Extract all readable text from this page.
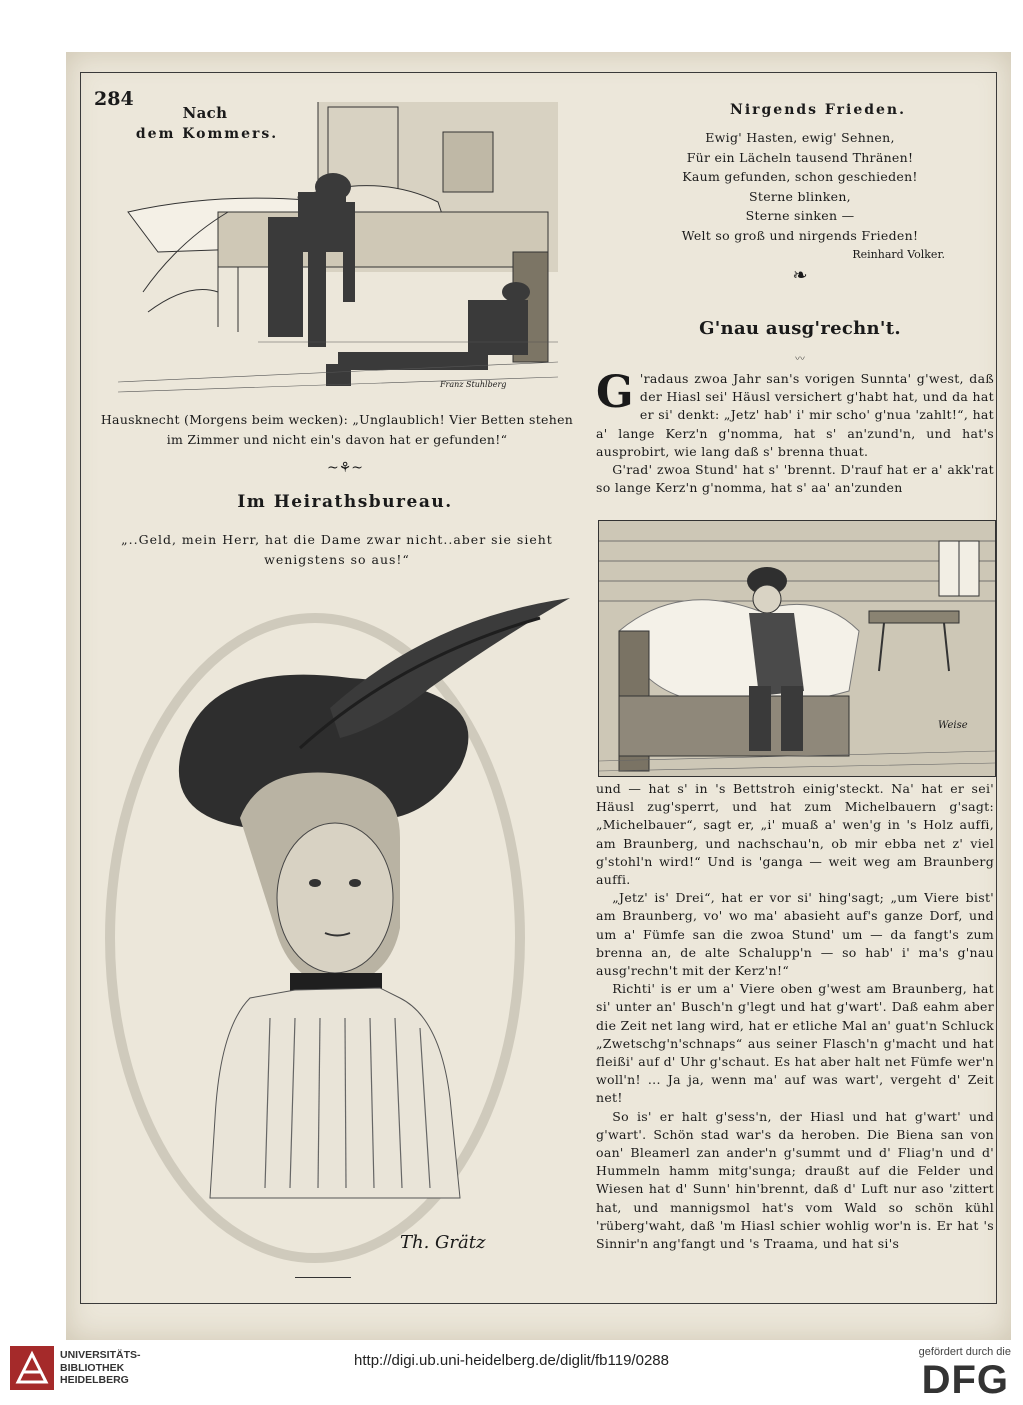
284
Nach
dem Kommers.
Franz Stuhlberg
Hausknecht (Morgens beim wecken): „Unglaublich! Vier Betten stehen im Zimmer und nicht ein's davon hat er gefunden!“
~⚘~
Im Heirathsbureau.
„..Geld, mein Herr, hat die Dame zwar nicht..aber sie sieht wenigstens so aus!“
Th. Grätz
Nirgends Frieden.
Ewig' Hasten, ewig' Sehnen,
Für ein Lächeln tausend Thränen!
Kaum gefunden, schon geschieden!
Sterne blinken,
Sterne sinken —
Welt so groß und nirgends Frieden!
Reinhard Volker.
❧
G'nau ausg'rechn't.
〰
G 'radaus zwoa Jahr san's vorigen Sunnta' g'west, daß der Hiasl sei' Häusl versichert g'habt hat, und da hat er si' denkt: „Jetz' hab' i' mir scho' g'nua 'zahlt!“, hat a' lange Kerz'n g'nomma, hat s' an'zund'n, und hat's ausprobirt, wie lang daß s' brenna thuat.

G'rad' zwoa Stund' hat s' 'brennt. D'rauf hat er a' akk'rat so lange Kerz'n g'nomma, hat s' aa' an'zunden

Weise

und — hat s' in 's Bettstroh einig'steckt. Na' hat er sei' Häusl zug'sperrt, und hat zum Michelbauern g'sagt: „Michelbauer“, sagt er, „i' muaß a' wen'g in 's Holz auffi, am Braunberg, und nachschau'n, ob mir ebba net z' viel g'stohl'n wird!“ Und is 'ganga — weit weg am Braunberg auffi.

„Jetz' is' Drei“, hat er vor si' hing'sagt; „um Viere bist' am Braunberg, vo' wo ma' abasieht auf's ganze Dorf, und um a' Fümfe san die zwoa Stund' um — da fangt's zum brenna an, de alte Schalupp'n — so hab' i' ma's g'nau ausg'rechn't mit der Kerz'n!“

Richti' is er um a' Viere oben g'west am Braunberg, hat si' unter an' Busch'n g'legt und hat g'wart'. Daß eahm aber die Zeit net lang wird, hat er etliche Mal an' guat'n Schluck „Zwetschg'n'schnaps“ aus seiner Flasch'n g'macht und hat fleißi' auf d' Uhr g'schaut. Es hat aber halt net Fümfe wer'n woll'n! ... Ja ja, wenn ma' auf was wart', vergeht d' Zeit net!

So is' er halt g'sess'n, der Hiasl und hat g'wart' und g'wart'. Schön stad war's da heroben. Die Biena san von oan' Bleamerl zan ander'n g'summt und d' Fliag'n und d' Hummeln hamm mitg'sunga; draußt auf die Felder und Wiesen hat d' Sunn' hin'brennt, daß d' Luft nur aso 'zittert hat, und mannigsmol hat's vom Wald so schön kühl 'rüberg'waht, daß 'm Hiasl schier wohlig wor'n is. Er hat 's Sinnir'n ang'fangt und 's Traama, und hat si's

UNIVERSITÄTS-
BIBLIOTHEK
HEIDELBERG
http://digi.ub.uni-heidelberg.de/diglit/fb119/0288	gefördert durch die
DFG
